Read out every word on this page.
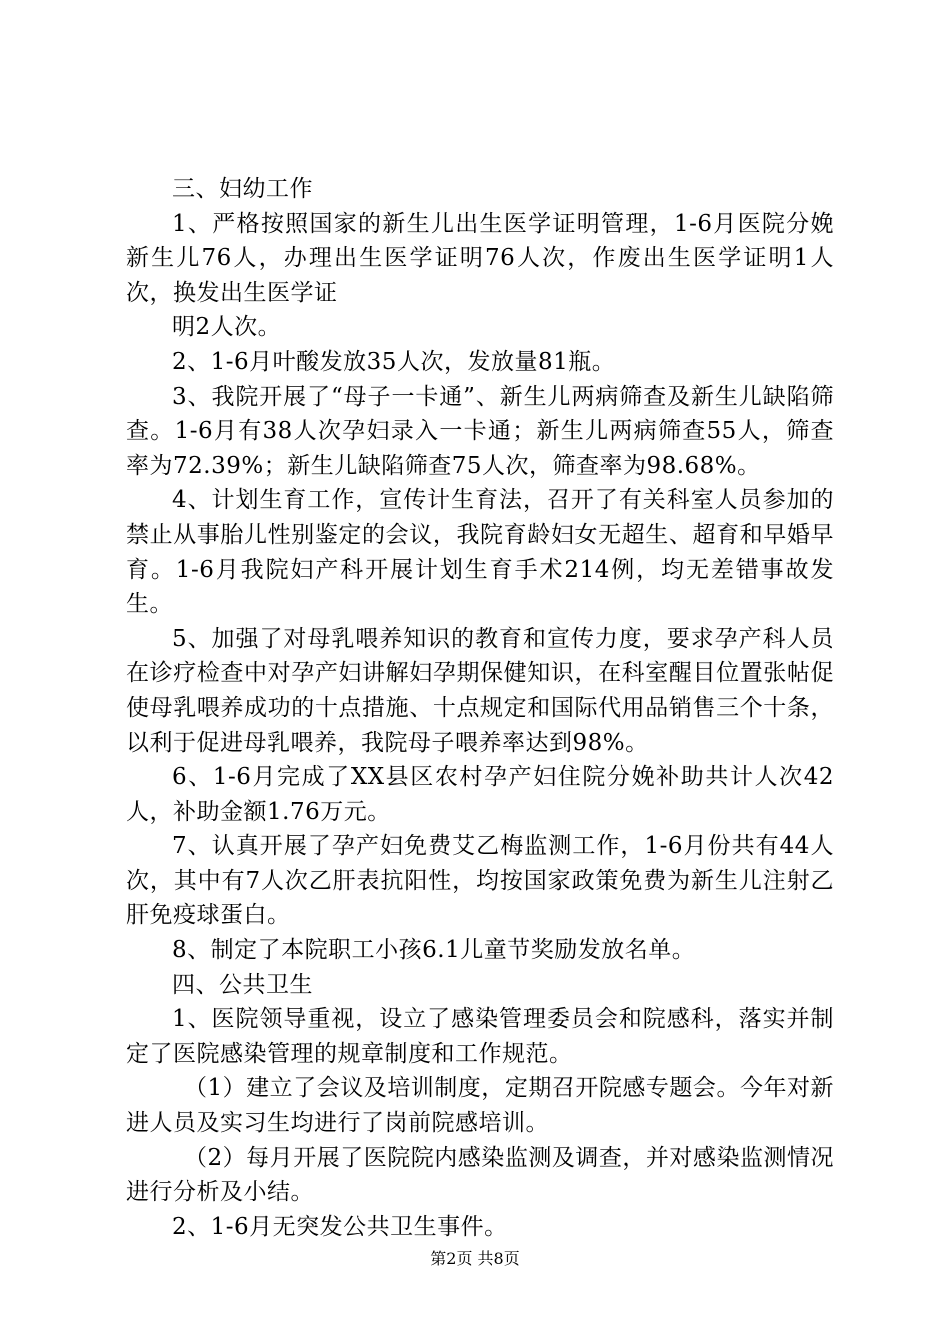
三、妇幼工作

1、严格按照国家的新生儿出生医学证明管理，1-6月医院分娩新生儿76人，办理出生医学证明76人次，作废出生医学证明1人次，换发出生医学证

明2人次。

2、1-6月叶酸发放35人次，发放量81瓶。

3、我院开展了“母子一卡通”、新生儿两病筛查及新生儿缺陷筛查。1-6月有38人次孕妇录入一卡通；新生儿两病筛查55人，筛查率为72.39%；新生儿缺陷筛查75人次，筛查率为98.68%。

4、计划生育工作，宣传计生育法，召开了有关科室人员参加的禁止从事胎儿性别鉴定的会议，我院育龄妇女无超生、超育和早婚早育。1-6月我院妇产科开展计划生育手术214例，均无差错事故发生。

5、加强了对母乳喂养知识的教育和宣传力度，要求孕产科人员在诊疗检查中对孕产妇讲解妇孕期保健知识，在科室醒目位置张帖促使母乳喂养成功的十点措施、十点规定和国际代用品销售三个十条，以利于促进母乳喂养，我院母子喂养率达到98%。

6、1-6月完成了XX县区农村孕产妇住院分娩补助共计人次42人，补助金额1.76万元。

7、认真开展了孕产妇免费艾乙梅监测工作，1-6月份共有44人次，其中有7人次乙肝表抗阳性，均按国家政策免费为新生儿注射乙肝免疫球蛋白。

8、制定了本院职工小孩6.1儿童节奖励发放名单。

四、公共卫生

1、医院领导重视，设立了感染管理委员会和院感科，落实并制定了医院感染管理的规章制度和工作规范。

（1）建立了会议及培训制度，定期召开院感专题会。今年对新进人员及实习生均进行了岗前院感培训。

（2）每月开展了医院院内感染监测及调查，并对感染监测情况进行分析及小结。

2、1-6月无突发公共卫生事件。

第2页 共8页
